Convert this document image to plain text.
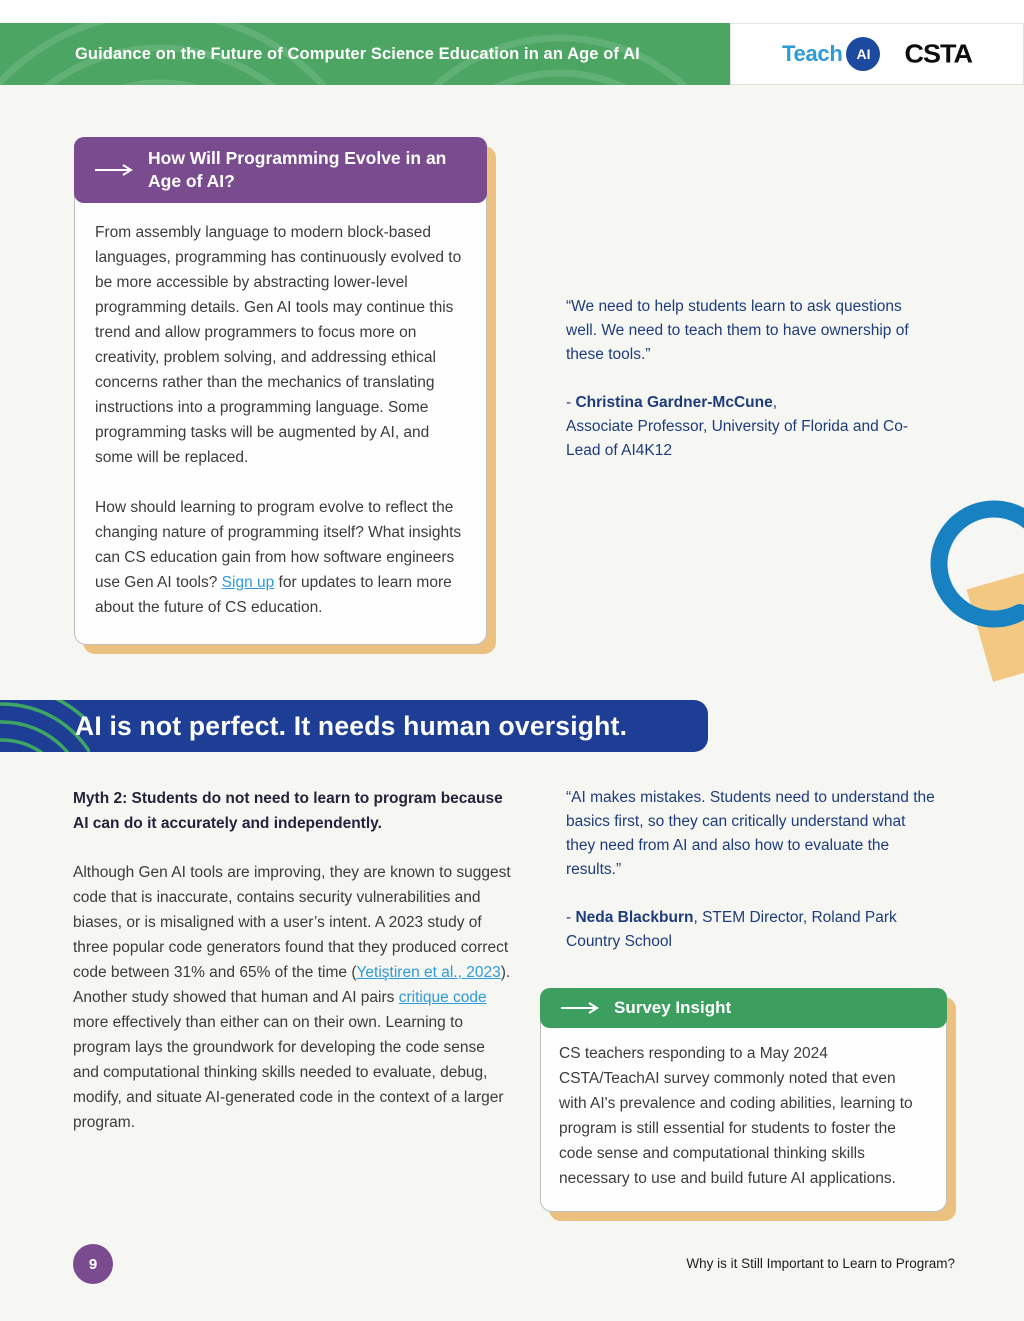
Guidance on the Future of Computer Science Education in an Age of AI	Teach	AI	CSTA
How Will Programming Evolve in an Age of AI?

From assembly language to modern block-based languages, programming has continuously evolved to be more accessible by abstracting lower-level programming details. Gen AI tools may continue this trend and allow programmers to focus more on creativity, problem solving, and addressing ethical concerns rather than the mechanics of translating instructions into a programming language. Some programming tasks will be augmented by AI, and some will be replaced.

How should learning to program evolve to reflect the changing nature of programming itself? What insights can CS education gain from how software engineers use Gen AI tools? Sign up for updates to learn more about the future of CS education.

“We need to help students learn to ask questions well. We need to teach them to have ownership of these tools.”

- Christina Gardner-McCune,
Associate Professor, University of Florida and Co-Lead of AI4K12

AI is not perfect. It needs human oversight.
Myth 2: Students do not need to learn to program because AI can do it accurately and independently.
Although Gen AI tools are improving, they are known to suggest code that is inaccurate, contains security vulnerabilities and biases, or is misaligned with a user’s intent. A 2023 study of three popular code generators found that they produced correct code between 31% and 65% of the time (Yetiştiren et al., 2023). Another study showed that human and AI pairs critique code more effectively than either can on their own. Learning to program lays the groundwork for developing the code sense and computational thinking skills needed to evaluate, debug, modify, and situate AI-generated code in the context of a larger program.

“AI makes mistakes. Students need to understand the basics first, so they can critically understand what they need from AI and also how to evaluate the results.”

- Neda Blackburn, STEM Director, Roland Park Country School

Survey Insight
CS teachers responding to a May 2024 CSTA/TeachAI survey commonly noted that even with AI's prevalence and coding abilities, learning to program is still essential for students to foster the code sense and computational thinking skills necessary to use and build future AI applications.
9	Why is it Still Important to Learn to Program?
